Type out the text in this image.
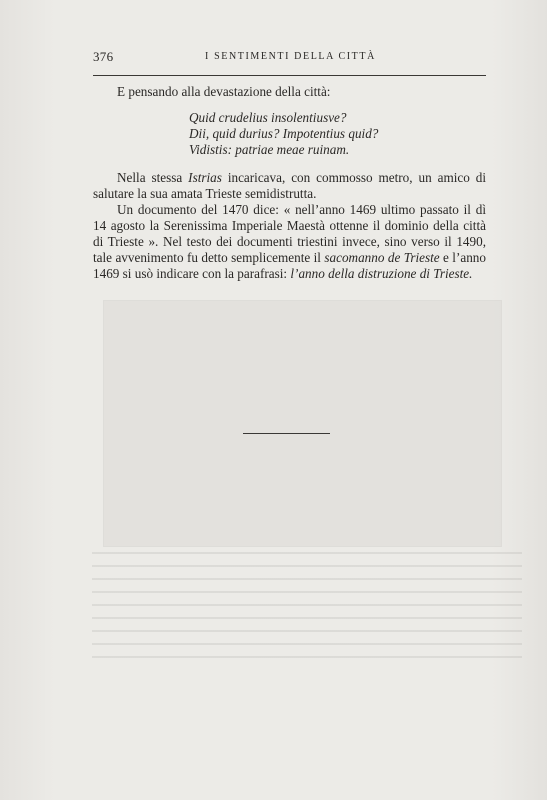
376	I SENTIMENTI DELLA CITTÀ

E pensando alla devastazione della città:

Quid crudelius insolentiusve?
Dii, quid durius? Impotentius quid?
Vidistis: patriae meae ruinam.

Nella stessa Istrias incaricava, con commosso metro, un amico di salutare la sua amata Trieste semidistrutta.

Un documento del 1470 dice: « nell’anno 1469 ultimo passato il dì 14 agosto la Serenissima Imperiale Maestà ottenne il dominio della città di Trieste ». Nel testo dei documenti triestini invece, sino verso il 1490, tale avvenimento fu detto semplicemente il sacomanno de Trieste e l’anno 1469 si usò indicare con la parafrasi: l’anno della distruzione di Trieste.
